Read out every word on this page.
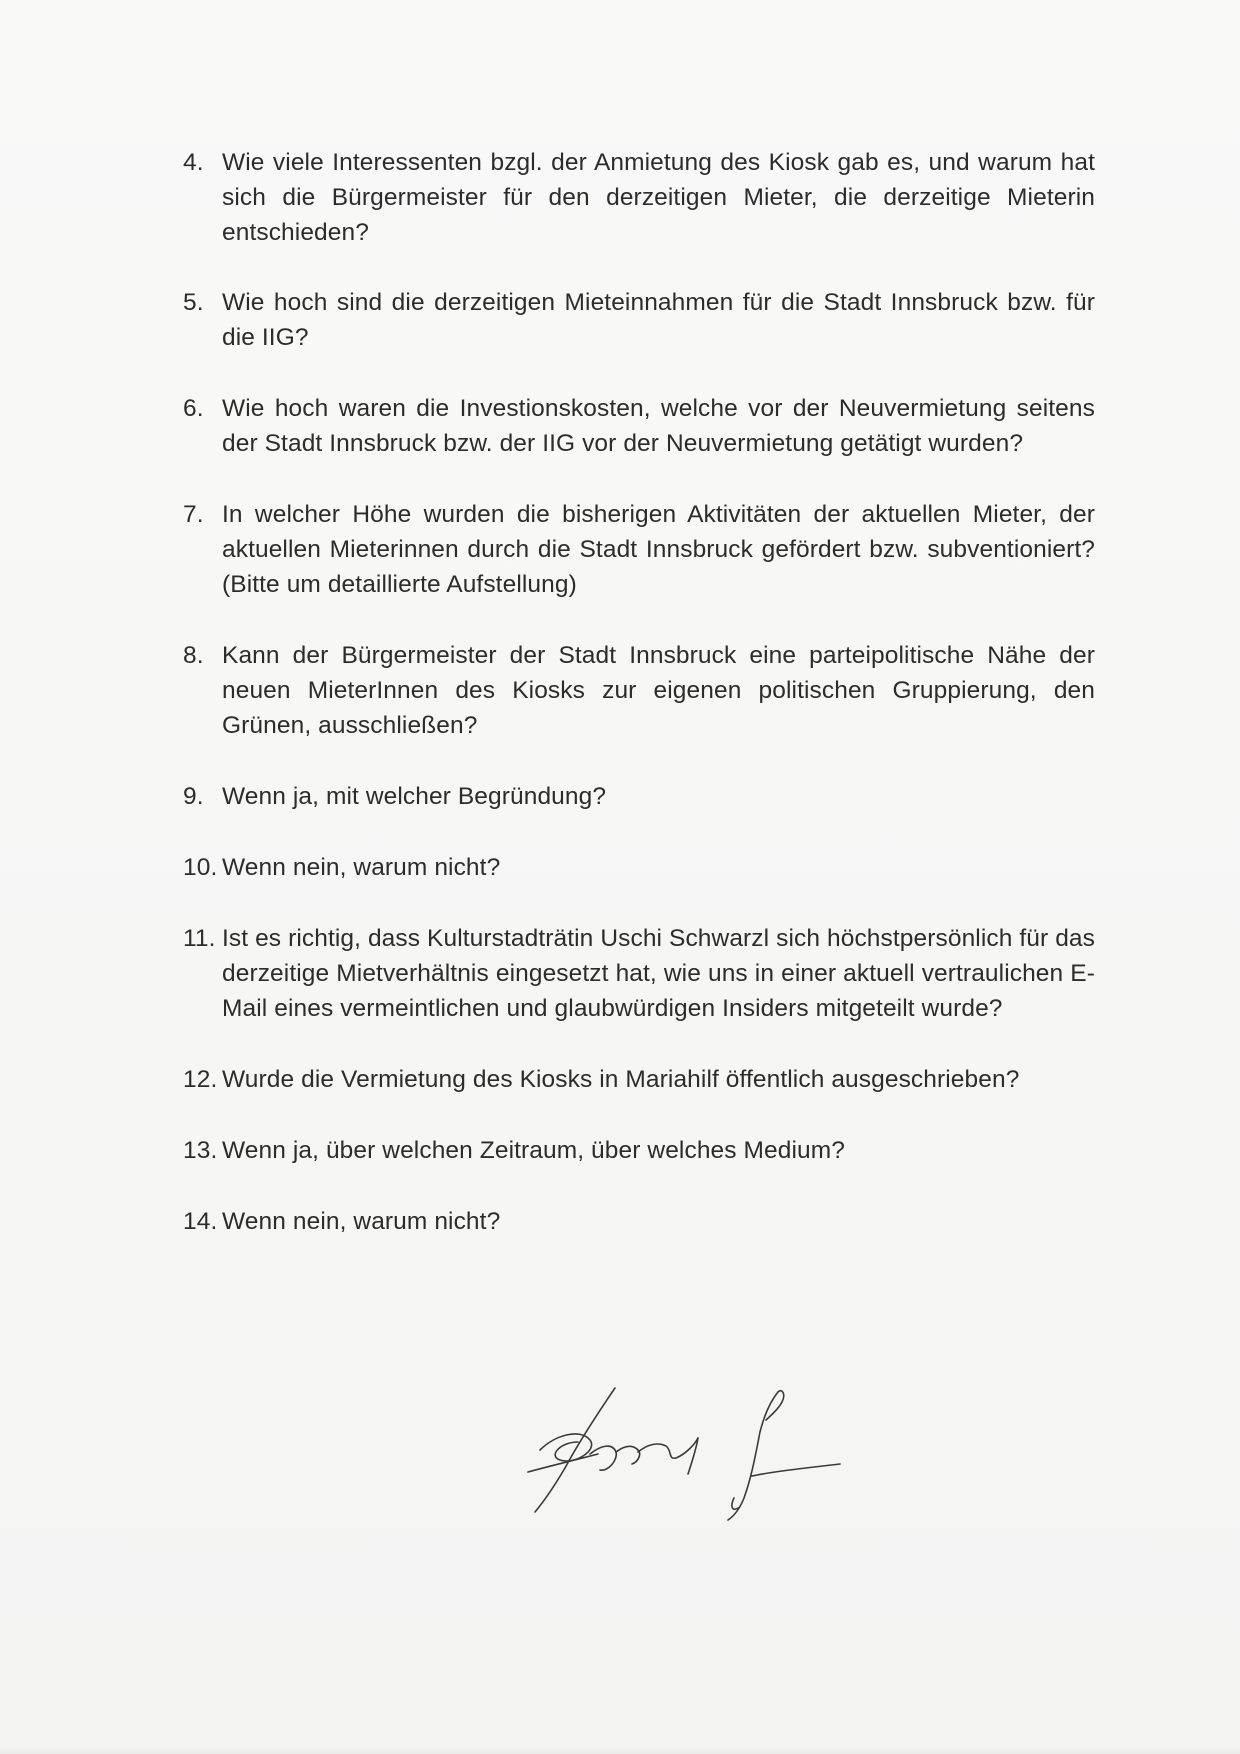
4. Wie viele Interessenten bzgl. der Anmietung des Kiosk gab es, und warum hat sich die Bürgermeister für den derzeitigen Mieter, die derzeitige Mieterin entschieden?
5. Wie hoch sind die derzeitigen Mieteinnahmen für die Stadt Innsbruck bzw. für die IIG?
6. Wie hoch waren die Investionskosten, welche vor der Neuvermietung seitens der Stadt Innsbruck bzw. der IIG vor der Neuvermietung getätigt wurden?
7. In welcher Höhe wurden die bisherigen Aktivitäten der aktuellen Mieter, der aktuellen Mieterinnen durch die Stadt Innsbruck gefördert bzw. subventioniert? (Bitte um detaillierte Aufstellung)
8. Kann der Bürgermeister der Stadt Innsbruck eine parteipolitische Nähe der neuen MieterInnen des Kiosks zur eigenen politischen Gruppierung, den Grünen, ausschließen?
9. Wenn ja, mit welcher Begründung?
10. Wenn nein, warum nicht?
11. Ist es richtig, dass Kulturstadträtin Uschi Schwarzl sich höchstpersönlich für das derzeitige Mietverhältnis eingesetzt hat, wie uns in einer aktuell vertraulichen E-Mail eines vermeintlichen und glaubwürdigen Insiders mitgeteilt wurde?
12. Wurde die Vermietung des Kiosks in Mariahilf öffentlich ausgeschrieben?
13. Wenn ja, über welchen Zeitraum, über welches Medium?
14. Wenn nein, warum nicht?
